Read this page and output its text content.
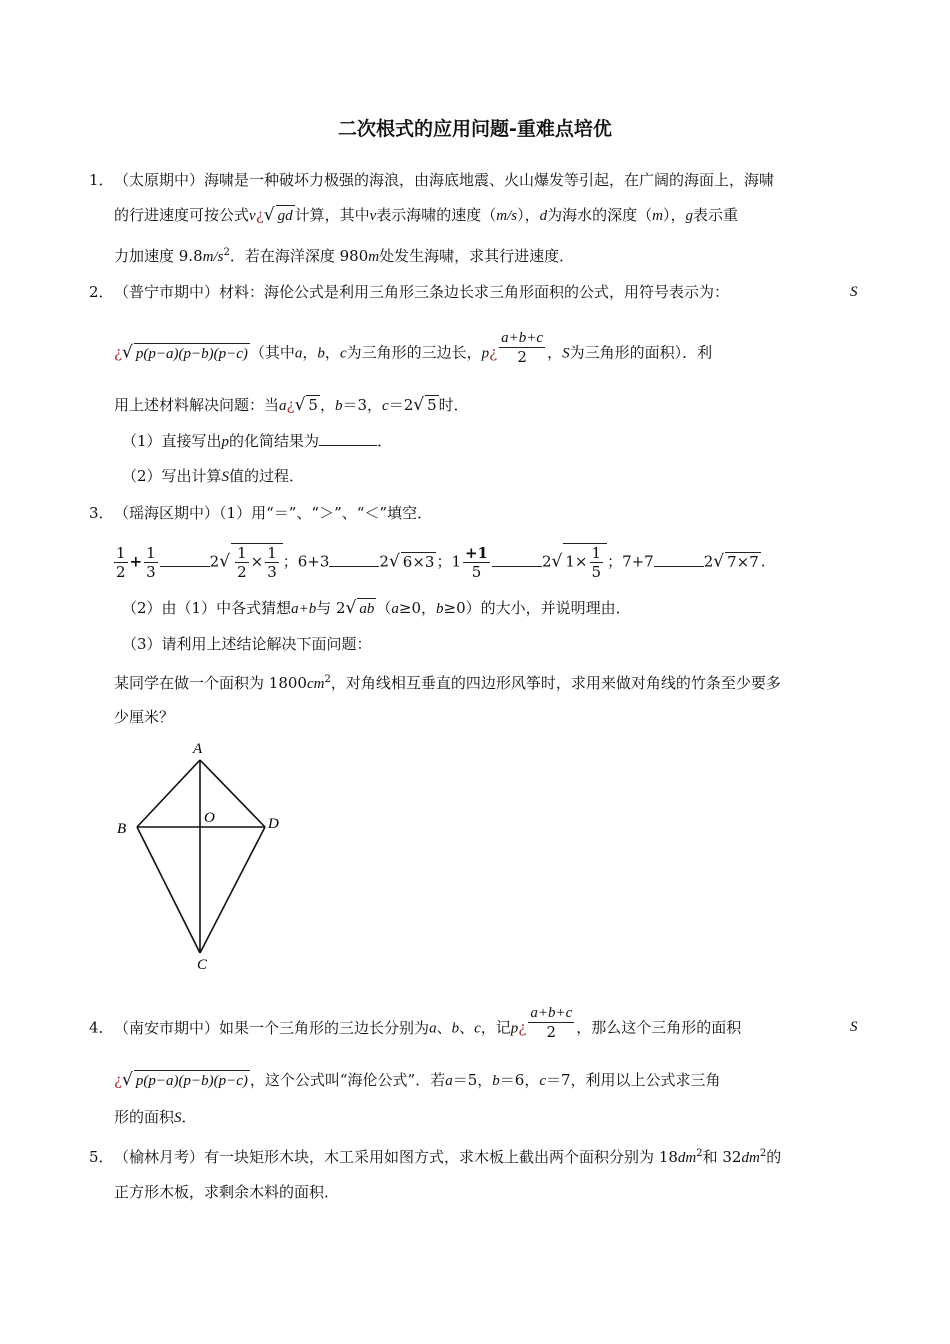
二次根式的应用问题-重难点培优
1． （太原期中）海啸是一种破坏力极强的海浪，由海底地震、火山爆发等引起，在广阔的海面上，海啸
的行进速度可按公式v¿√ gd 计算，其中v表示海啸的速度（m/s），d为海水的深度（m），g表示重
力加速度 $9.8m/s^2$．若在海洋深度 980m处发生海啸，求其行进速度．
2． （普宁市期中）材料：海伦公式是利用三角形三条边长求三角形面积的公式，用符号表示为：	S
¿√ p(p−a)(p−b)(p−c) （其中a，b，c为三角形的三边长，p¿ $\frac{a+b+c}{2}$ ，S为三角形的面积）．利
用上述材料解决问题：当a¿√ 5 ，b＝3，c＝2√ 5 时．
（1）直接写出p的化简结果为	．
（2）写出计算S值的过程．
3． （瑶海区期中）（1）用“＝”、“＞”、“＜”填空．
$\frac{1}{2} + \frac{1}{3}$	$2√ \frac{1}{2} \times \frac{1}{3}$ ；6+3	2√ 6×3 ；$1 \frac{+1}{5}$	2√ $1\times \frac{1}{5}$ ；7+7	2√ 7×7 .
（2）由（1）中各式猜想a+b与 2√ ab （a≥0，b≥0）的大小，并说明理由．
（3）请利用上述结论解决下面问题：
某同学在做一个面积为 $1800cm^2$，对角线相互垂直的四边形风筝时，求用来做对角线的竹条至少要多
少厘米？
A
B	D
O
C
4． （南安市期中）如果一个三角形的三边长分别为a、b、c，记p¿ $\frac{a+b+c}{2}$ ，那么这个三角形的面积	S
¿√ p(p−a)(p−b)(p−c) ，这个公式叫“海伦公式”．若a＝5，b＝6，c＝7，利用以上公式求三角
形的面积S．
5． （榆林月考）有一块矩形木块，木工采用如图方式，求木板上截出两个面积分别为 $18dm^2$和 $32dm^2$的
正方形木板，求剩余木料的面积．
